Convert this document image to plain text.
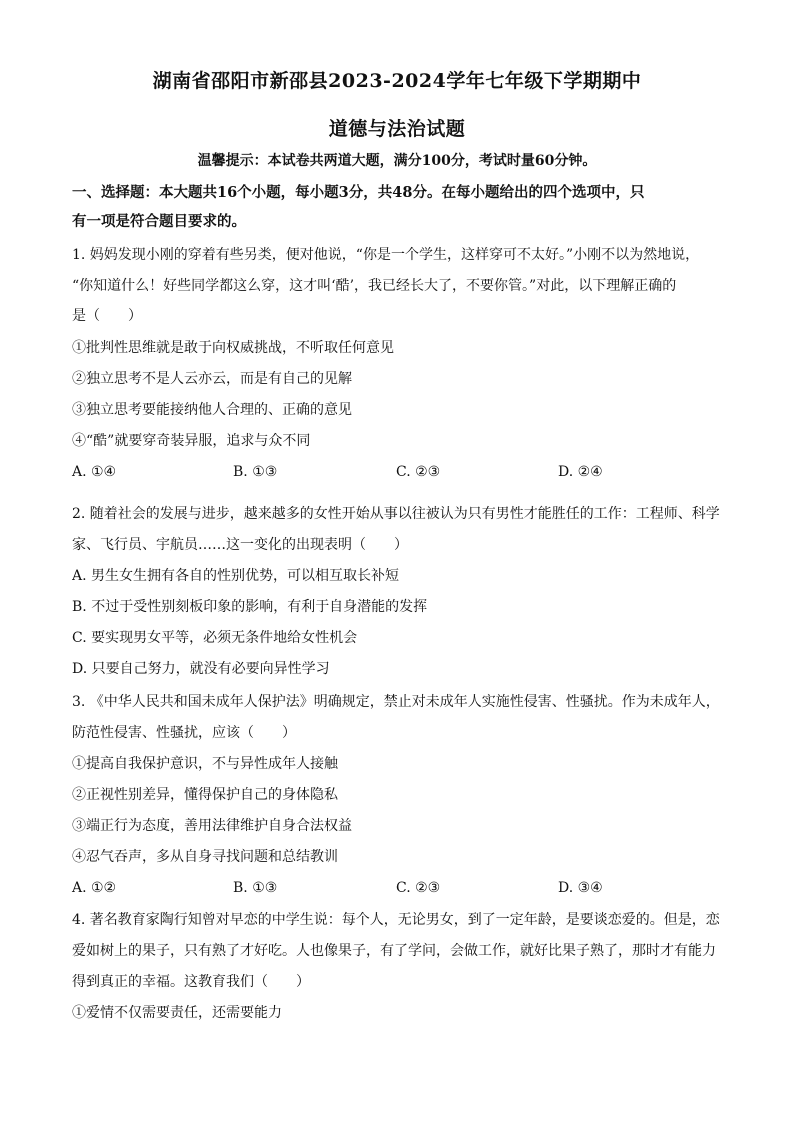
湖南省邵阳市新邵县2023-2024学年七年级下学期期中
道德与法治试题
温馨提示：本试卷共两道大题，满分100分，考试时量60分钟。
一、选择题：本大题共16个小题，每小题3分，共48分。在每小题给出的四个选项中，只
有一项是符合题目要求的。
1. 妈妈发现小刚的穿着有些另类，便对他说，“你是一个学生，这样穿可不太好。”小刚不以为然地说，
“你知道什么！好些同学都这么穿，这才叫‘酷’，我已经长大了，不要你管。”对此，以下理解正确的
是（　　）
①批判性思维就是敢于向权威挑战，不听取任何意见
②独立思考不是人云亦云，而是有自己的见解
③独立思考要能接纳他人合理的、正确的意见
④“酷”就要穿奇装异服，追求与众不同
A. ①④	B. ①③	C. ②③	D. ②④
2. 随着社会的发展与进步，越来越多的女性开始从事以往被认为只有男性才能胜任的工作：工程师、科学
家、飞行员、宇航员……这一变化的出现表明（　　）
A. 男生女生拥有各自的性别优势，可以相互取长补短
B. 不过于受性别刻板印象的影响，有利于自身潜能的发挥
C. 要实现男女平等，必须无条件地给女性机会
D. 只要自己努力，就没有必要向异性学习
3. 《中华人民共和国未成年人保护法》明确规定，禁止对未成年人实施性侵害、性骚扰。作为未成年人，
防范性侵害、性骚扰，应该（　　）
①提高自我保护意识，不与异性成年人接触
②正视性别差异，懂得保护自己的身体隐私
③端正行为态度，善用法律维护自身合法权益
④忍气吞声，多从自身寻找问题和总结教训
A. ①②	B. ①③	C. ②③	D. ③④
4. 著名教育家陶行知曾对早恋的中学生说：每个人，无论男女，到了一定年龄，是要谈恋爱的。但是，恋
爱如树上的果子，只有熟了才好吃。人也像果子，有了学问，会做工作，就好比果子熟了，那时才有能力
得到真正的幸福。这教育我们（　　）
①爱情不仅需要责任，还需要能力
